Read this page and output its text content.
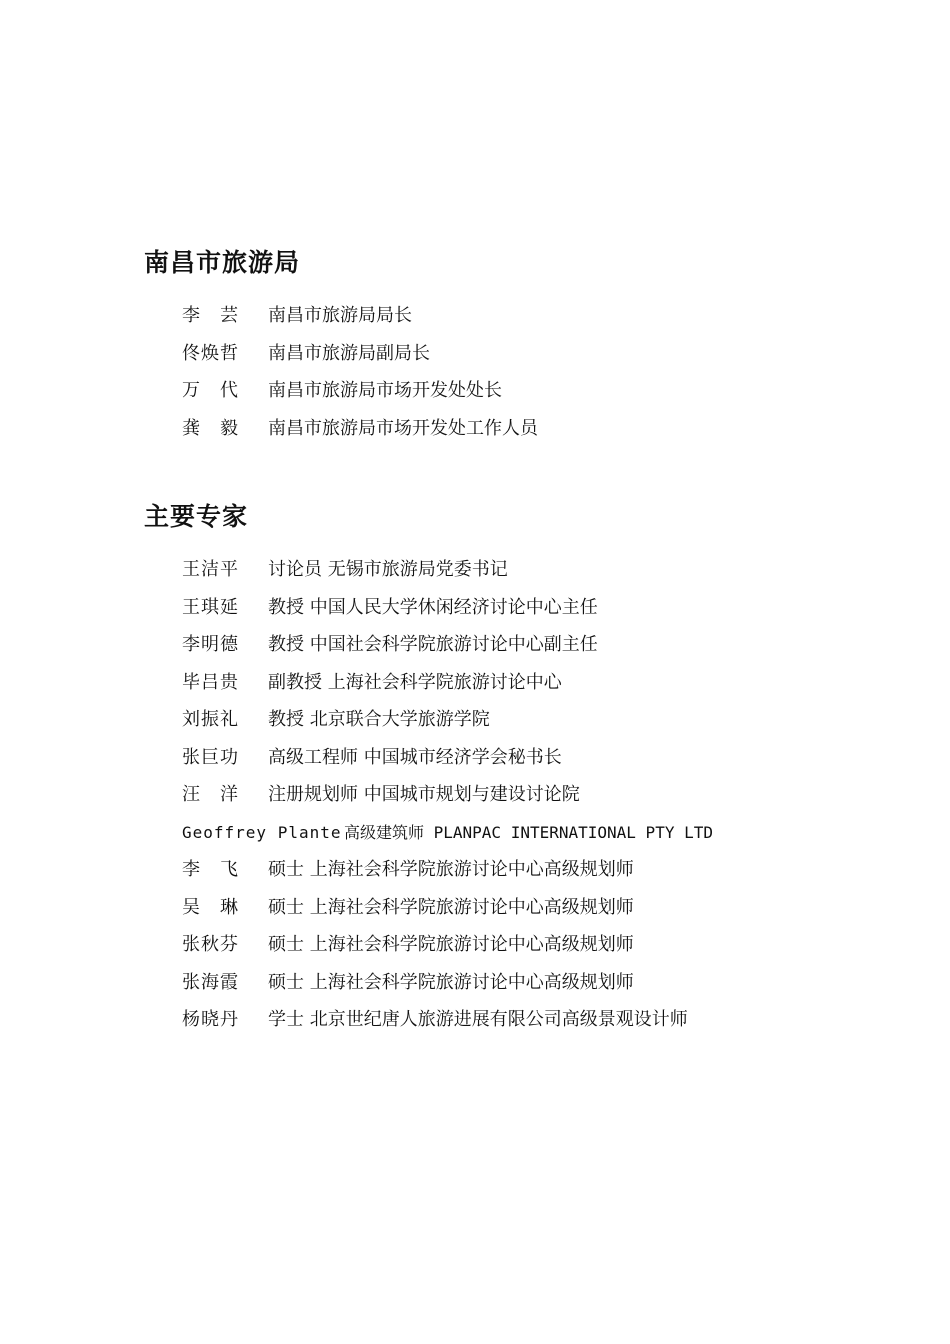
南昌市旅游局
李　芸 南昌市旅游局局长
佟焕哲 南昌市旅游局副局长
万　代 南昌市旅游局市场开发处处长
龚　毅 南昌市旅游局市场开发处工作人员
主要专家
王洁平 讨论员 无锡市旅游局党委书记
王琪延 教授 中国人民大学休闲经济讨论中心主任
李明德 教授 中国社会科学院旅游讨论中心副主任
毕吕贵 副教授 上海社会科学院旅游讨论中心
刘振礼 教授 北京联合大学旅游学院
张巨功 高级工程师 中国城市经济学会秘书长
汪　洋 注册规划师 中国城市规划与建设讨论院
Geoffrey Plante 高级建筑师 PLANPAC INTERNATIONAL PTY LTD
李　飞 硕士 上海社会科学院旅游讨论中心高级规划师
吴　琳 硕士 上海社会科学院旅游讨论中心高级规划师
张秋芬 硕士 上海社会科学院旅游讨论中心高级规划师
张海霞 硕士 上海社会科学院旅游讨论中心高级规划师
杨晓丹 学士 北京世纪唐人旅游进展有限公司高级景观设计师
